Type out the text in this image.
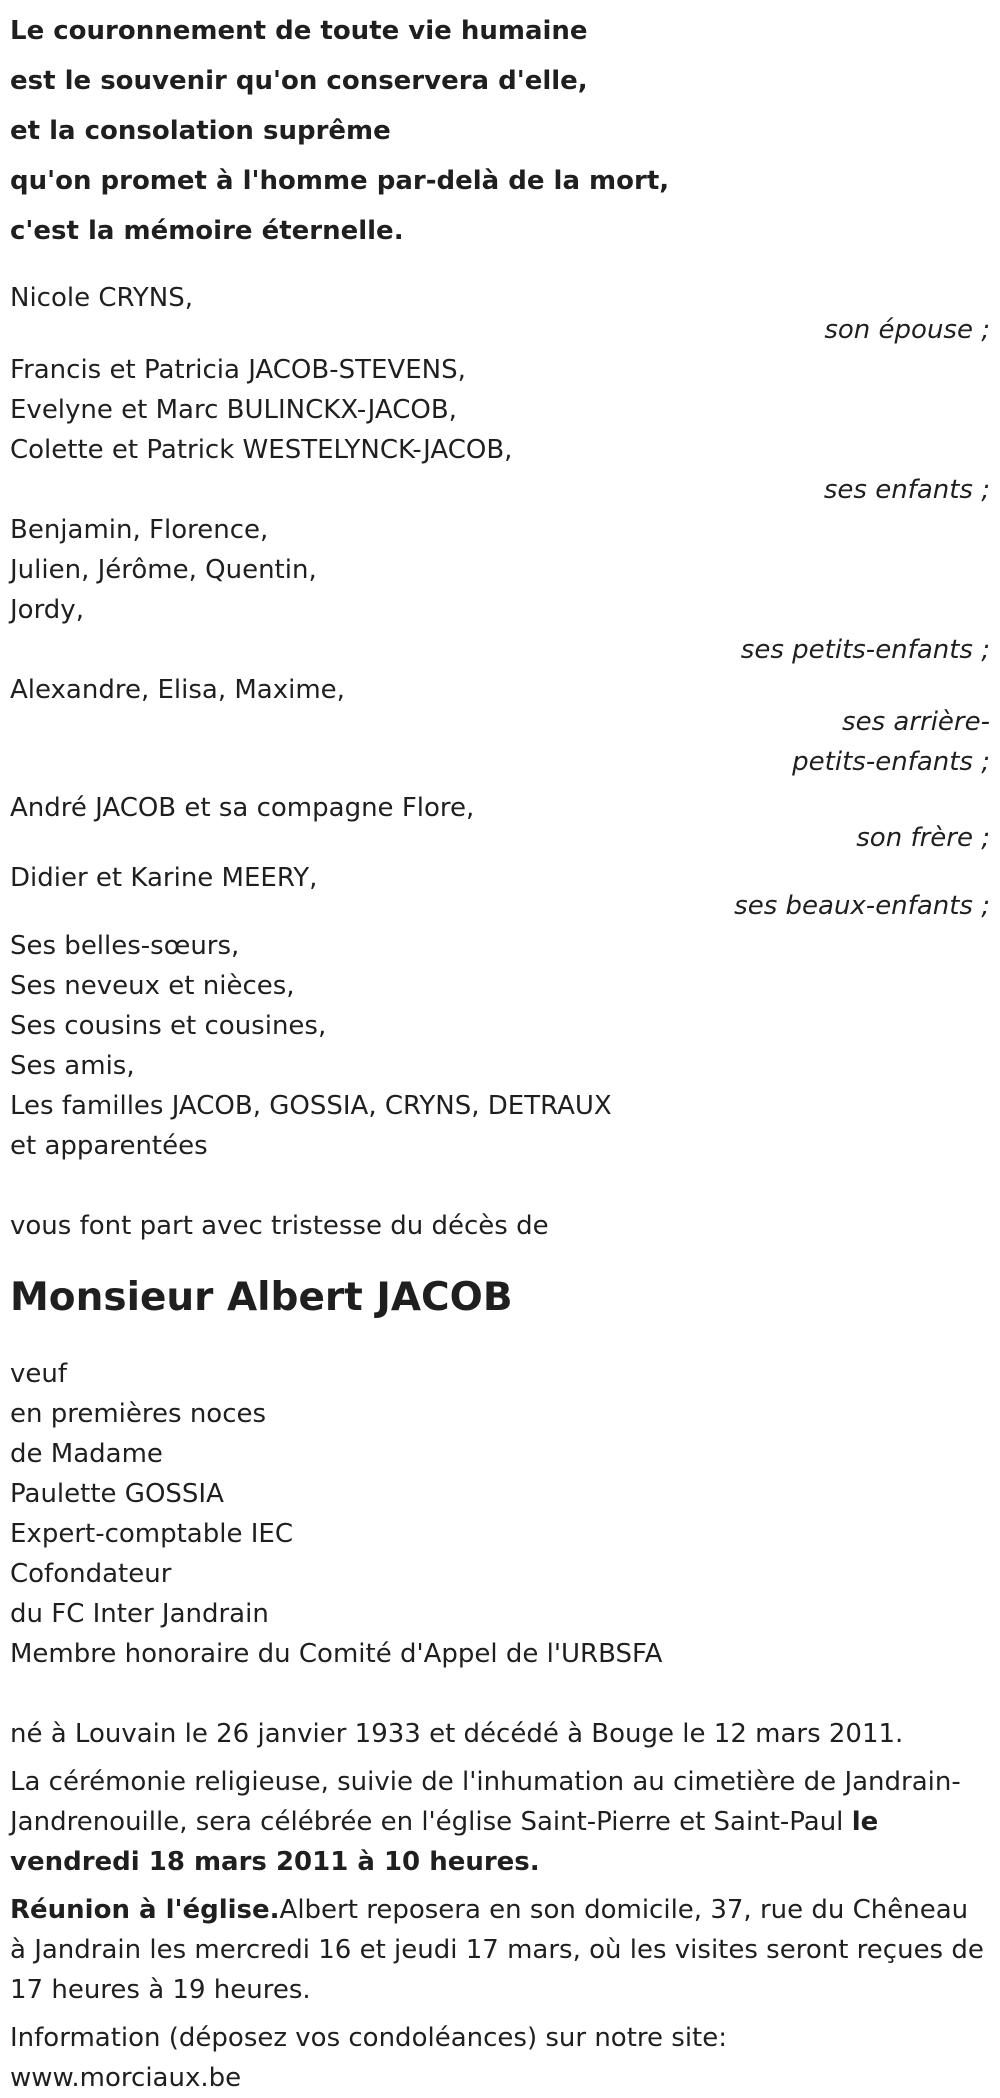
Le couronnement de toute vie humaine
est le souvenir qu'on conservera d'elle,
et la consolation suprême
qu'on promet à l'homme par-delà de la mort,
c'est la mémoire éternelle.
Nicole CRYNS,
son épouse ;
Francis et Patricia JACOB-STEVENS,
Evelyne et Marc BULINCKX-JACOB,
Colette et Patrick WESTELYNCK-JACOB,
ses enfants ;
Benjamin, Florence,
Julien, Jérôme, Quentin,
Jordy,
ses petits-enfants ;
Alexandre, Elisa, Maxime,
ses arrière-petits-enfants ;
André JACOB et sa compagne Flore,
son frère ;
Didier et Karine MEERY,
ses beaux-enfants ;
Ses belles-sœurs,
Ses neveux et nièces,
Ses cousins et cousines,
Ses amis,
Les familles JACOB, GOSSIA, CRYNS, DETRAUX
et apparentées
vous font part avec tristesse du décès de
Monsieur Albert JACOB
veuf
en premières noces
de Madame
Paulette GOSSIA
Expert-comptable IEC
Cofondateur
du FC Inter Jandrain
Membre honoraire du Comité d'Appel de l'URBSFA
né à Louvain le 26 janvier 1933 et décédé à Bouge le 12 mars 2011.
La cérémonie religieuse, suivie de l'inhumation au cimetière de Jandrain-Jandrenouille, sera célébrée en l'église Saint-Pierre et Saint-Paul le vendredi 18 mars 2011 à 10 heures.
Réunion à l'église.Albert reposera en son domicile, 37, rue du Chêneau à Jandrain les mercredi 16 et jeudi 17 mars, où les visites seront reçues de 17 heures à 19 heures.
Information (déposez vos condoléances) sur notre site:
www.morciaux.be
